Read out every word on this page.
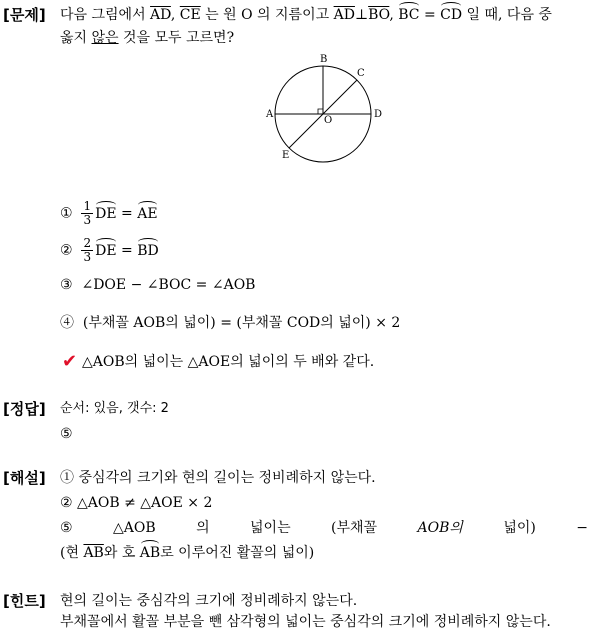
[문제] 다음 그림에서 $\overline{AD}$, $\overline{CE}$ 는 원 O 의 지름이고 $\overline{AD}\perp\overline{BO}$, BC = CD 일 때, 다음 중
옳지 않은 것을 모두 고르면?
B
C
A	D
O
E
① $\frac{1}{3}$ DE = AE
② $\frac{2}{3}$ DE = BD
③ ∠DOE − ∠BOC = ∠AOB
④ (부채꼴 AOB의 넓이) = (부채꼴 COD의 넓이) × 2
✔ △AOB의 넓이는 △AOE의 넓이의 두 배와 같다.
[정답] 순서: 있음, 갯수: 2
⑤
[해설] ① 중심각의 크기와 현의 길이는 정비례하지 않는다.
② △AOB ≠ △AOE × 2
⑤	△AOB	의	넓이는	(부채꼴	AOB의	넓이)	−
(현 $\overline{AB}$와 호 AB로 이루어진 활꼴의 넓이)
[힌트] 현의 길이는 중심각의 크기에 정비례하지 않는다.
부채꼴에서 활꼴 부분을 뺀 삼각형의 넓이는 중심각의 크기에 정비례하지 않는다.
